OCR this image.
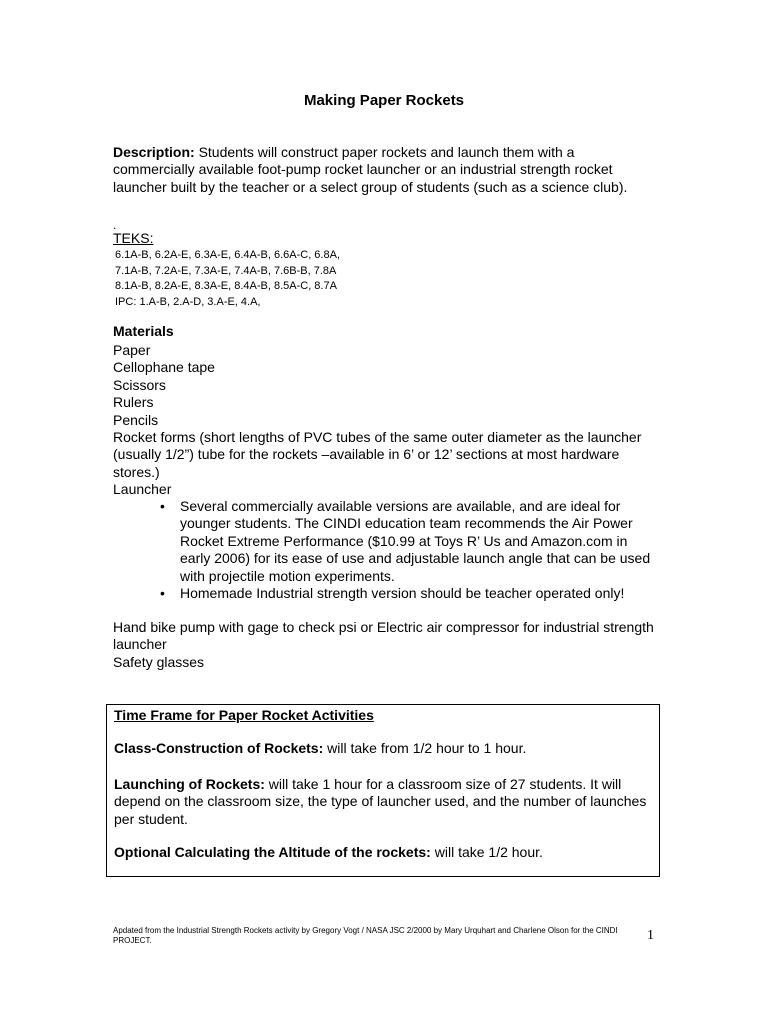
Making Paper Rockets

Description: Students will construct paper rockets and launch them with a commercially available foot-pump rocket launcher or an industrial strength rocket launcher built by the teacher or a select group of students (such as a science club).

.
TEKS:
6.1A-B, 6.2A-E, 6.3A-E, 6.4A-B, 6.6A-C, 6.8A,
7.1A-B, 7.2A-E, 7.3A-E, 7.4A-B, 7.6B-B, 7.8A
8.1A-B, 8.2A-E, 8.3A-E, 8.4A-B, 8.5A-C, 8.7A
IPC: 1.A-B, 2.A-D, 3.A-E, 4.A,
Materials
Paper
Cellophane tape
Scissors
Rulers
Pencils
Rocket forms (short lengths of PVC tubes of the same outer diameter as the launcher (usually 1/2”) tube for the rockets –available in 6’ or 12’ sections at most hardware stores.)
Launcher
• Several commercially available versions are available, and are ideal for younger students. The CINDI education team recommends the Air Power Rocket Extreme Performance ($10.99 at Toys R’ Us and Amazon.com in early 2006) for its ease of use and adjustable launch angle that can be used with projectile motion experiments.
• Homemade Industrial strength version should be teacher operated only!
Hand bike pump with gage to check psi or Electric air compressor for industrial strength launcher
Safety glasses
Time Frame for Paper Rocket Activities

Class-Construction of Rockets: will take from 1/2 hour to 1 hour.

Launching of Rockets: will take 1 hour for a classroom size of 27 students. It will depend on the classroom size, the type of launcher used, and the number of launches per student.

Optional Calculating the Altitude of the rockets: will take 1/2 hour.

Apdated from the Industrial Strength Rockets activity by Gregory Vogt / NASA JSC 2/2000 by Mary Urquhart and Charlene Olson for the CINDI PROJECT.	1
